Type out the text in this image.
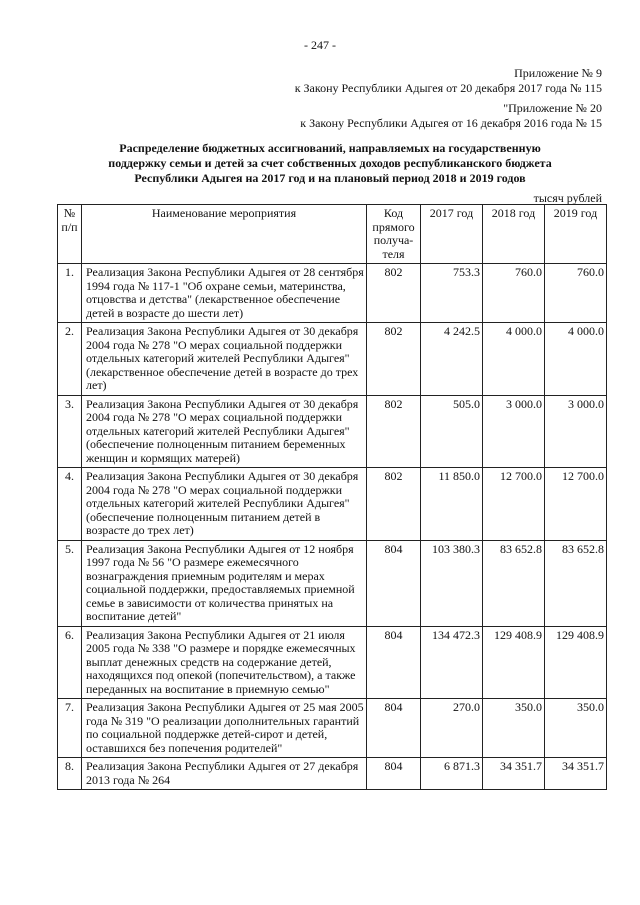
- 247 -
Приложение № 9
к Закону Республики Адыгея от 20 декабря 2017 года № 115
"Приложение № 20
к Закону Республики Адыгея от 16 декабря 2016 года № 15
Распределение бюджетных ассигнований, направляемых на государственную
поддержку семьи и детей за счет собственных доходов республиканского бюджета
Республики Адыгея на 2017 год и на плановый период 2018 и 2019 годов
тысяч рублей
№ п/п	Наименование мероприятия	Код прямого получа-теля	2017 год	2018 год	2019 год
1.	Реализация Закона Республики Адыгея от 28 сентября 1994 года № 117-1 "Об охране семьи, материнства, отцовства и детства" (лекарственное обеспечение детей в возрасте до шести лет)	802	753.3	760.0	760.0
2.	Реализация Закона Республики Адыгея от 30 декабря 2004 года № 278 "О мерах социальной поддержки отдельных категорий жителей Республики Адыгея" (лекарственное обеспечение детей в возрасте до трех лет)	802	4 242.5	4 000.0	4 000.0
3.	Реализация Закона Республики Адыгея от 30 декабря 2004 года № 278 "О мерах социальной поддержки отдельных категорий жителей Республики Адыгея" (обеспечение полноценным питанием беременных женщин и кормящих матерей)	802	505.0	3 000.0	3 000.0
4.	Реализация Закона Республики Адыгея от 30 декабря 2004 года № 278 "О мерах социальной поддержки отдельных категорий жителей Республики Адыгея" (обеспечение полноценным питанием детей в возрасте до трех лет)	802	11 850.0	12 700.0	12 700.0
5.	Реализация Закона Республики Адыгея от 12 ноября 1997 года № 56 "О размере ежемесячного вознаграждения приемным родителям и мерах социальной поддержки, предоставляемых приемной семье в зависимости от количества принятых на воспитание детей"	804	103 380.3	83 652.8	83 652.8
6.	Реализация Закона Республики Адыгея от 21 июля 2005 года № 338 "О размере и порядке ежемесячных выплат денежных средств на содержание детей, находящихся под опекой (попечительством), а также переданных на воспитание в приемную семью"	804	134 472.3	129 408.9	129 408.9
7.	Реализация Закона Республики Адыгея от 25 мая 2005 года № 319 "О реализации дополнительных гарантий по социальной поддержке детей-сирот и детей, оставшихся без попечения родителей"	804	270.0	350.0	350.0
8.	Реализация Закона Республики Адыгея от 27 декабря 2013 года № 264	804	6 871.3	34 351.7	34 351.7
